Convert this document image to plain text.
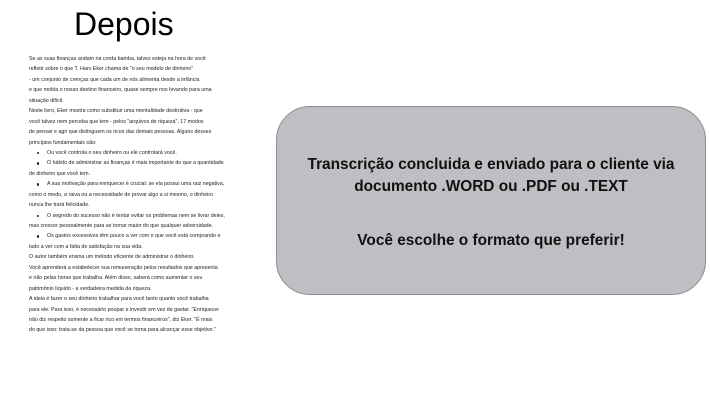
Depois
Se as suas finanças andam na corda bamba, talvez esteja na hora de você
refletir sobre o que T. Harv Eker chama de "o seu modelo de dinheiro"
- um conjunto de crenças que cada um de nós alimenta desde a infância
e que molda o nosso destino financeiro, quase sempre nos levando para uma
situação difícil.
Neste livro, Eker mostra como substituir uma mentalidade destrutiva - que
você talvez nem perceba que tem - pelos "arquivos de riqueza", 17 modos
de pensar e agir que distinguem os ricos das demais pessoas. Alguns desses
princípios fundamentais são:
Ou você controla o seu dinheiro ou ele controlará você.
O hábito de administrar as finanças é mais importante do que a quantidade
de dinheiro que você tem.
A sua motivação para enriquecer é crucial: se ela possui uma raiz negativa,
como o medo, a raiva ou a necessidade de provar algo a si mesmo, o dinheiro
nunca lhe trará felicidade.
O segredo do sucesso não é tentar evitar os problemas nem se livrar deles,
mas crescer pessoalmente para se tornar maior do que qualquer adversidade.
Os gastos excessivos têm pouco a ver com o que você está comprando e
tudo a ver com a falta de satisfação na sua vida.
O autor também ensina um método eficiente de administrar o dinheiro.
Você aprenderá a estabelecer sua remuneração pelos resultados que apresenta
e não pelas horas que trabalha. Além disso, saberá como aumentar o seu
patrimônio líquido - a verdadeira medida da riqueza.
A ideia é fazer o seu dinheiro trabalhar para você tanto quanto você trabalha
para ele. Para isso, é necessário poupar e investir em vez de gastar. "Enriquecer
não diz respeito somente a ficar rico em termos financeiros", diz Eker. "É mais
do que isso: trata-se da pessoa que você se torna para alcançar esse objetivo."
Transcrição concluida e enviado para o cliente via documento .WORD ou .PDF ou .TEXT
Você escolhe o formato que preferir!
